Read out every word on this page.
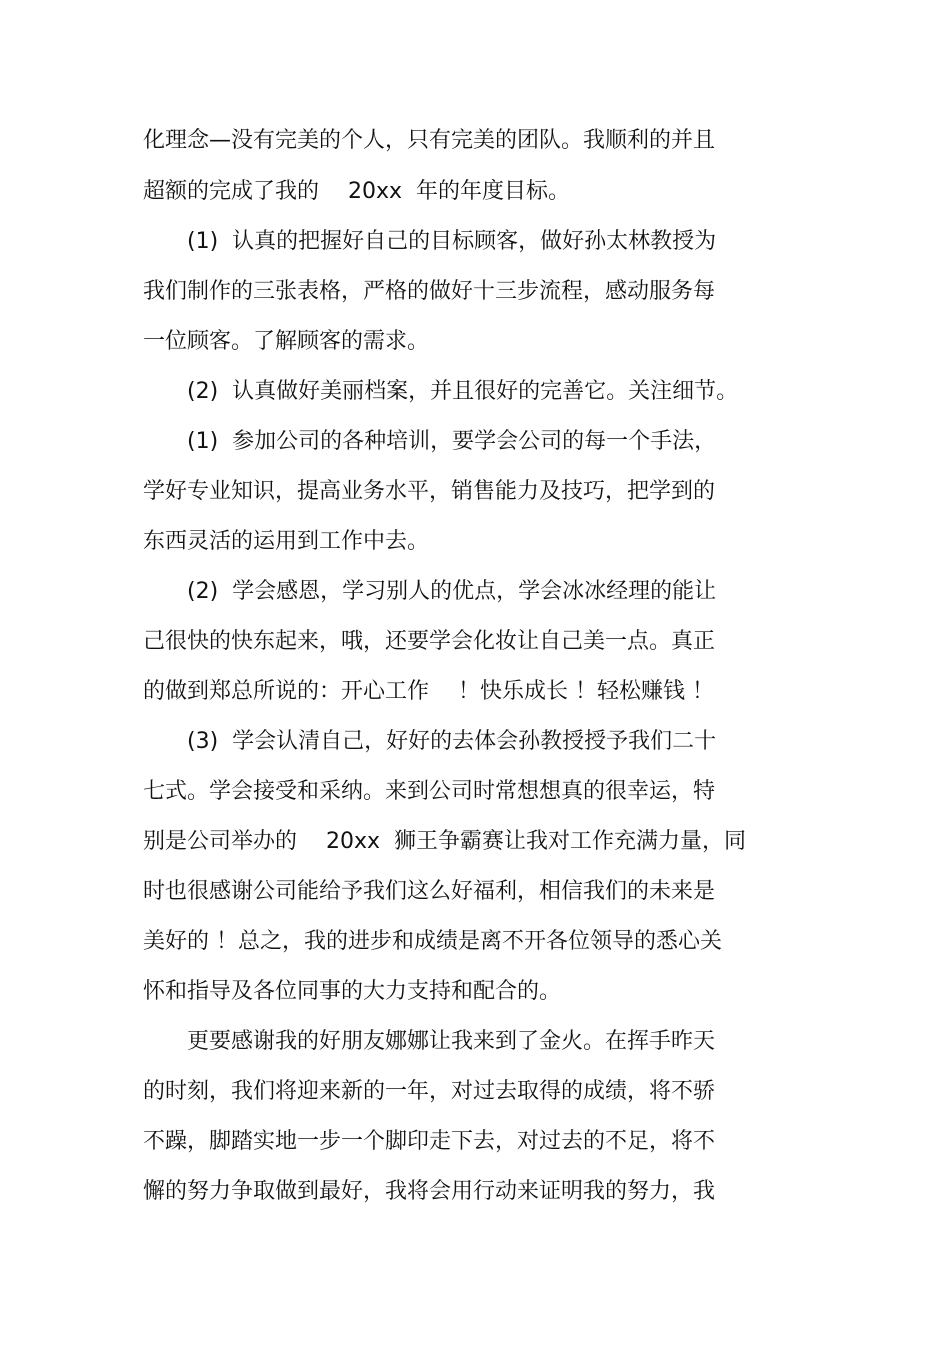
化理念—没有完美的个人，只有完美的团队。我顺利的并且
超额的完成了我的　 20xx  年的年度目标。
　　(1)  认真的把握好自己的目标顾客，做好孙太林教授为
我们制作的三张表格，严格的做好十三步流程，感动服务每
一位顾客。了解顾客的需求。
　　(2)  认真做好美丽档案，并且很好的完善它。关注细节。
　　(1)  参加公司的各种培训，要学会公司的每一个手法，
学好专业知识，提高业务水平，销售能力及技巧，把学到的
东西灵活的运用到工作中去。
　　(2)  学会感恩，学习别人的优点，学会冰冰经理的能让
己很快的快东起来，哦，还要学会化妆让自己美一点。真正
的做到郑总所说的：开心工作　 ！快乐成长 ！轻松赚钱 ！
　　(3)  学会认清自己，好好的去体会孙教授授予我们二十
七式。学会接受和采纳。来到公司时常想想真的很幸运，特
别是公司举办的　 20xx  狮王争霸赛让我对工作充满力量，同
时也很感谢公司能给予我们这么好福利，相信我们的未来是
美好的 ！总之，我的进步和成绩是离不开各位领导的悉心关
怀和指导及各位同事的大力支持和配合的。
　　更要感谢我的好朋友娜娜让我来到了金火。在挥手昨天
的时刻，我们将迎来新的一年，对过去取得的成绩，将不骄
不躁，脚踏实地一步一个脚印走下去，对过去的不足，将不
懈的努力争取做到最好，我将会用行动来证明我的努力，我
